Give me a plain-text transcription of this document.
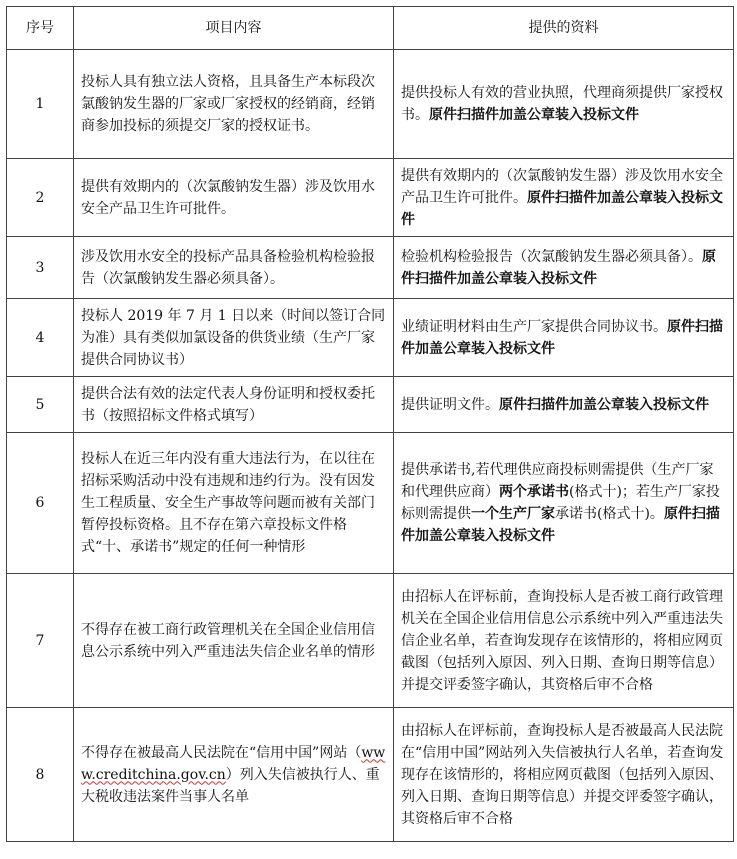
序号	项目内容	提供的资料
1	投标人具有独立法人资格，且具备生产本标段次氯酸钠发生器的厂家或厂家授权的经销商，经销商参加投标的须提交厂家的授权证书。	提供投标人有效的营业执照，代理商须提供厂家授权书。原件扫描件加盖公章装入投标文件
2	提供有效期内的（次氯酸钠发生器）涉及饮用水安全产品卫生许可批件。	提供有效期内的（次氯酸钠发生器）涉及饮用水安全产品卫生许可批件。原件扫描件加盖公章装入投标文件
3	涉及饮用水安全的投标产品具备检验机构检验报告（次氯酸钠发生器必须具备）。	检验机构检验报告（次氯酸钠发生器必须具备）。原件扫描件加盖公章装入投标文件
4	投标人 2019 年 7 月 1 日以来（时间以签订合同为准）具有类似加氯设备的供货业绩（生产厂家提供合同协议书）	业绩证明材料由生产厂家提供合同协议书。原件扫描件加盖公章装入投标文件
5	提供合法有效的法定代表人身份证明和授权委托书（按照招标文件格式填写）	提供证明文件。原件扫描件加盖公章装入投标文件
6	投标人在近三年内没有重大违法行为，在以往在招标采购活动中没有违规和违约行为。没有因发生工程质量、安全生产事故等问题而被有关部门暂停投标资格。且不存在第六章投标文件格式“十、承诺书”规定的任何一种情形	提供承诺书,若代理供应商投标则需提供（生产厂家和代理供应商）两个承诺书(格式十)；若生产厂家投标则需提供一个生产厂家承诺书(格式十)。原件扫描件加盖公章装入投标文件
7	不得存在被工商行政管理机关在全国企业信用信息公示系统中列入严重违法失信企业名单的情形	由招标人在评标前，查询投标人是否被工商行政管理机关在全国企业信用信息公示系统中列入严重违法失信企业名单，若查询发现存在该情形的，将相应网页截图（包括列入原因、列入日期、查询日期等信息）并提交评委签字确认，其资格后审不合格
8	不得存在被最高人民法院在“信用中国”网站（www.creditchina.gov.cn）列入失信被执行人、重大税收违法案件当事人名单	由招标人在评标前，查询投标人是否被最高人民法院在“信用中国”网站列入失信被执行人名单，若查询发现存在该情形的，将相应网页截图（包括列入原因、列入日期、查询日期等信息）并提交评委签字确认，其资格后审不合格
